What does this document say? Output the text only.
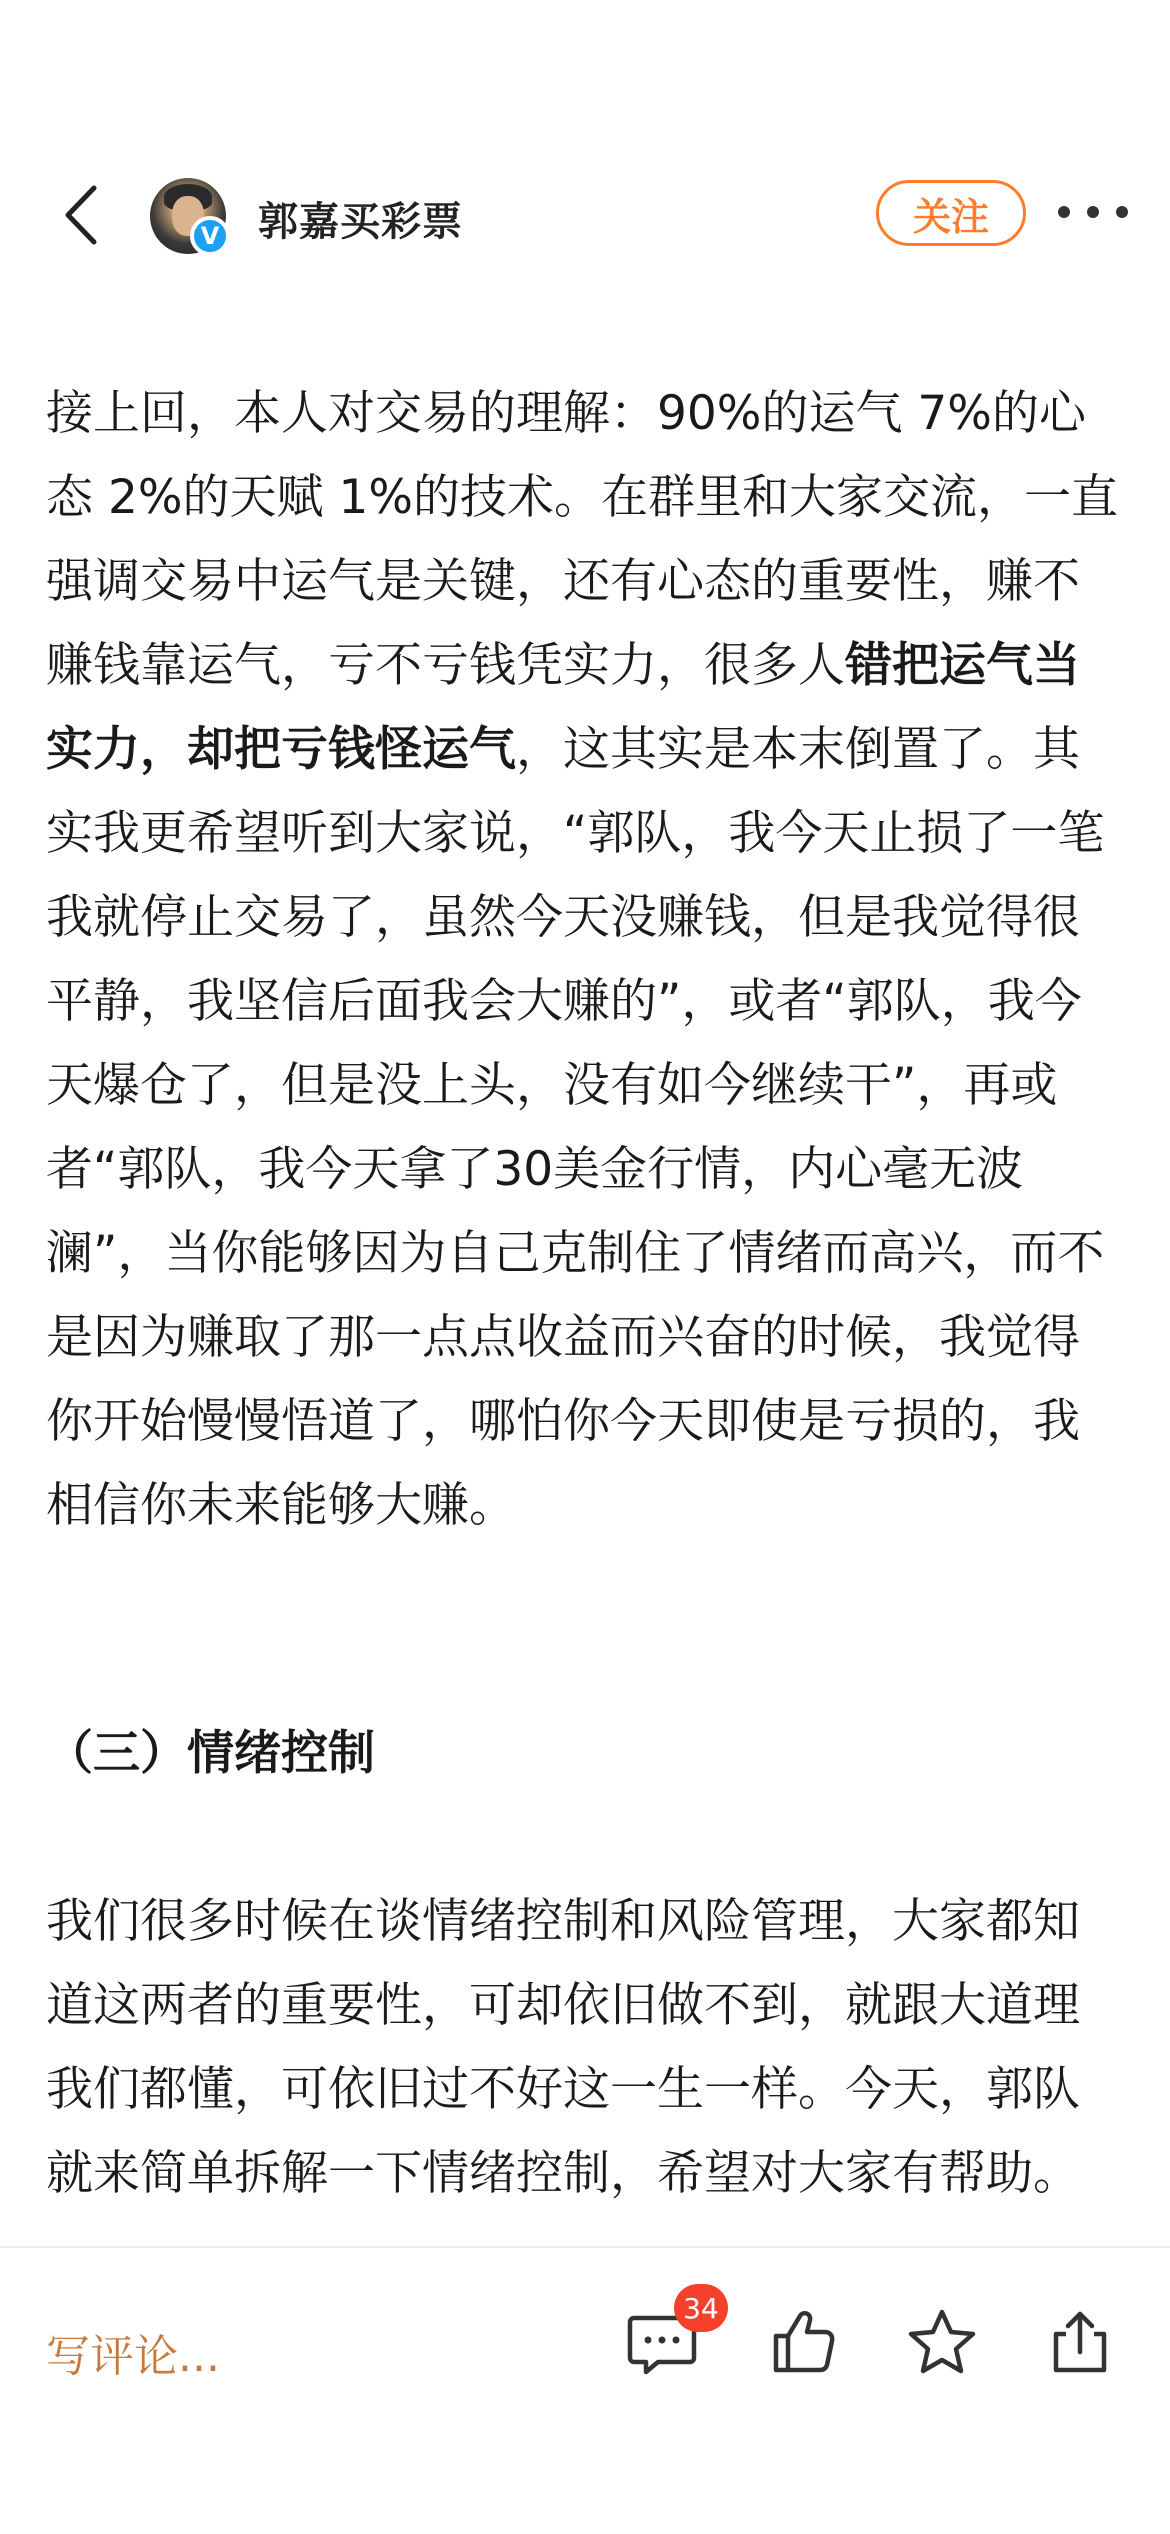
V 郭嘉买彩票	关注

接上回，本人对交易的理解：90%的运气 7%的心态 2%的天赋 1%的技术。在群里和大家交流，一直强调交易中运气是关键，还有心态的重要性，赚不赚钱靠运气，亏不亏钱凭实力，很多人错把运气当实力，却把亏钱怪运气，这其实是本末倒置了。其实我更希望听到大家说，“郭队，我今天止损了一笔我就停止交易了，虽然今天没赚钱，但是我觉得很平静，我坚信后面我会大赚的”，或者“郭队，我今天爆仓了，但是没上头，没有如今继续干”，再或者“郭队，我今天拿了30美金行情，内心毫无波澜”，当你能够因为自己克制住了情绪而高兴，而不是因为赚取了那一点点收益而兴奋的时候，我觉得你开始慢慢悟道了，哪怕你今天即使是亏损的，我相信你未来能够大赚。

（三）情绪控制

我们很多时候在谈情绪控制和风险管理，大家都知道这两者的重要性，可却依旧做不到，就跟大道理我们都懂，可依旧过不好这一生一样。今天，郭队就来简单拆解一下情绪控制，希望对大家有帮助。

写评论...
34
